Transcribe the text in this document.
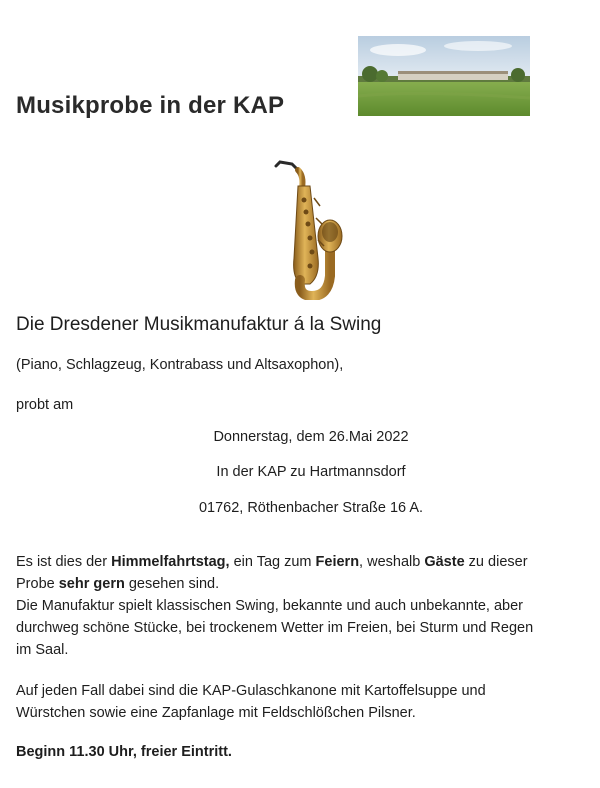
Musikprobe in der KAP
Die Dresdener Musikmanufaktur á la Swing

(Piano, Schlagzeug, Kontrabass und Altsaxophon),

probt am

Donnerstag, dem 26.Mai 2022

In der KAP zu Hartmannsdorf

01762, Röthenbacher Straße 16 A.

Es ist dies der Himmelfahrtstag, ein Tag zum Feiern, weshalb Gäste zu dieser
Probe sehr gern gesehen sind.
Die Manufaktur spielt klassischen Swing, bekannte und auch unbekannte, aber
durchweg schöne Stücke, bei trockenem Wetter im Freien, bei Sturm und Regen
im Saal.
Auf jeden Fall dabei sind die KAP-Gulaschkanone mit Kartoffelsuppe und
Würstchen sowie eine Zapfanlage mit Feldschlößchen Pilsner.

Beginn 11.30 Uhr, freier Eintritt.
